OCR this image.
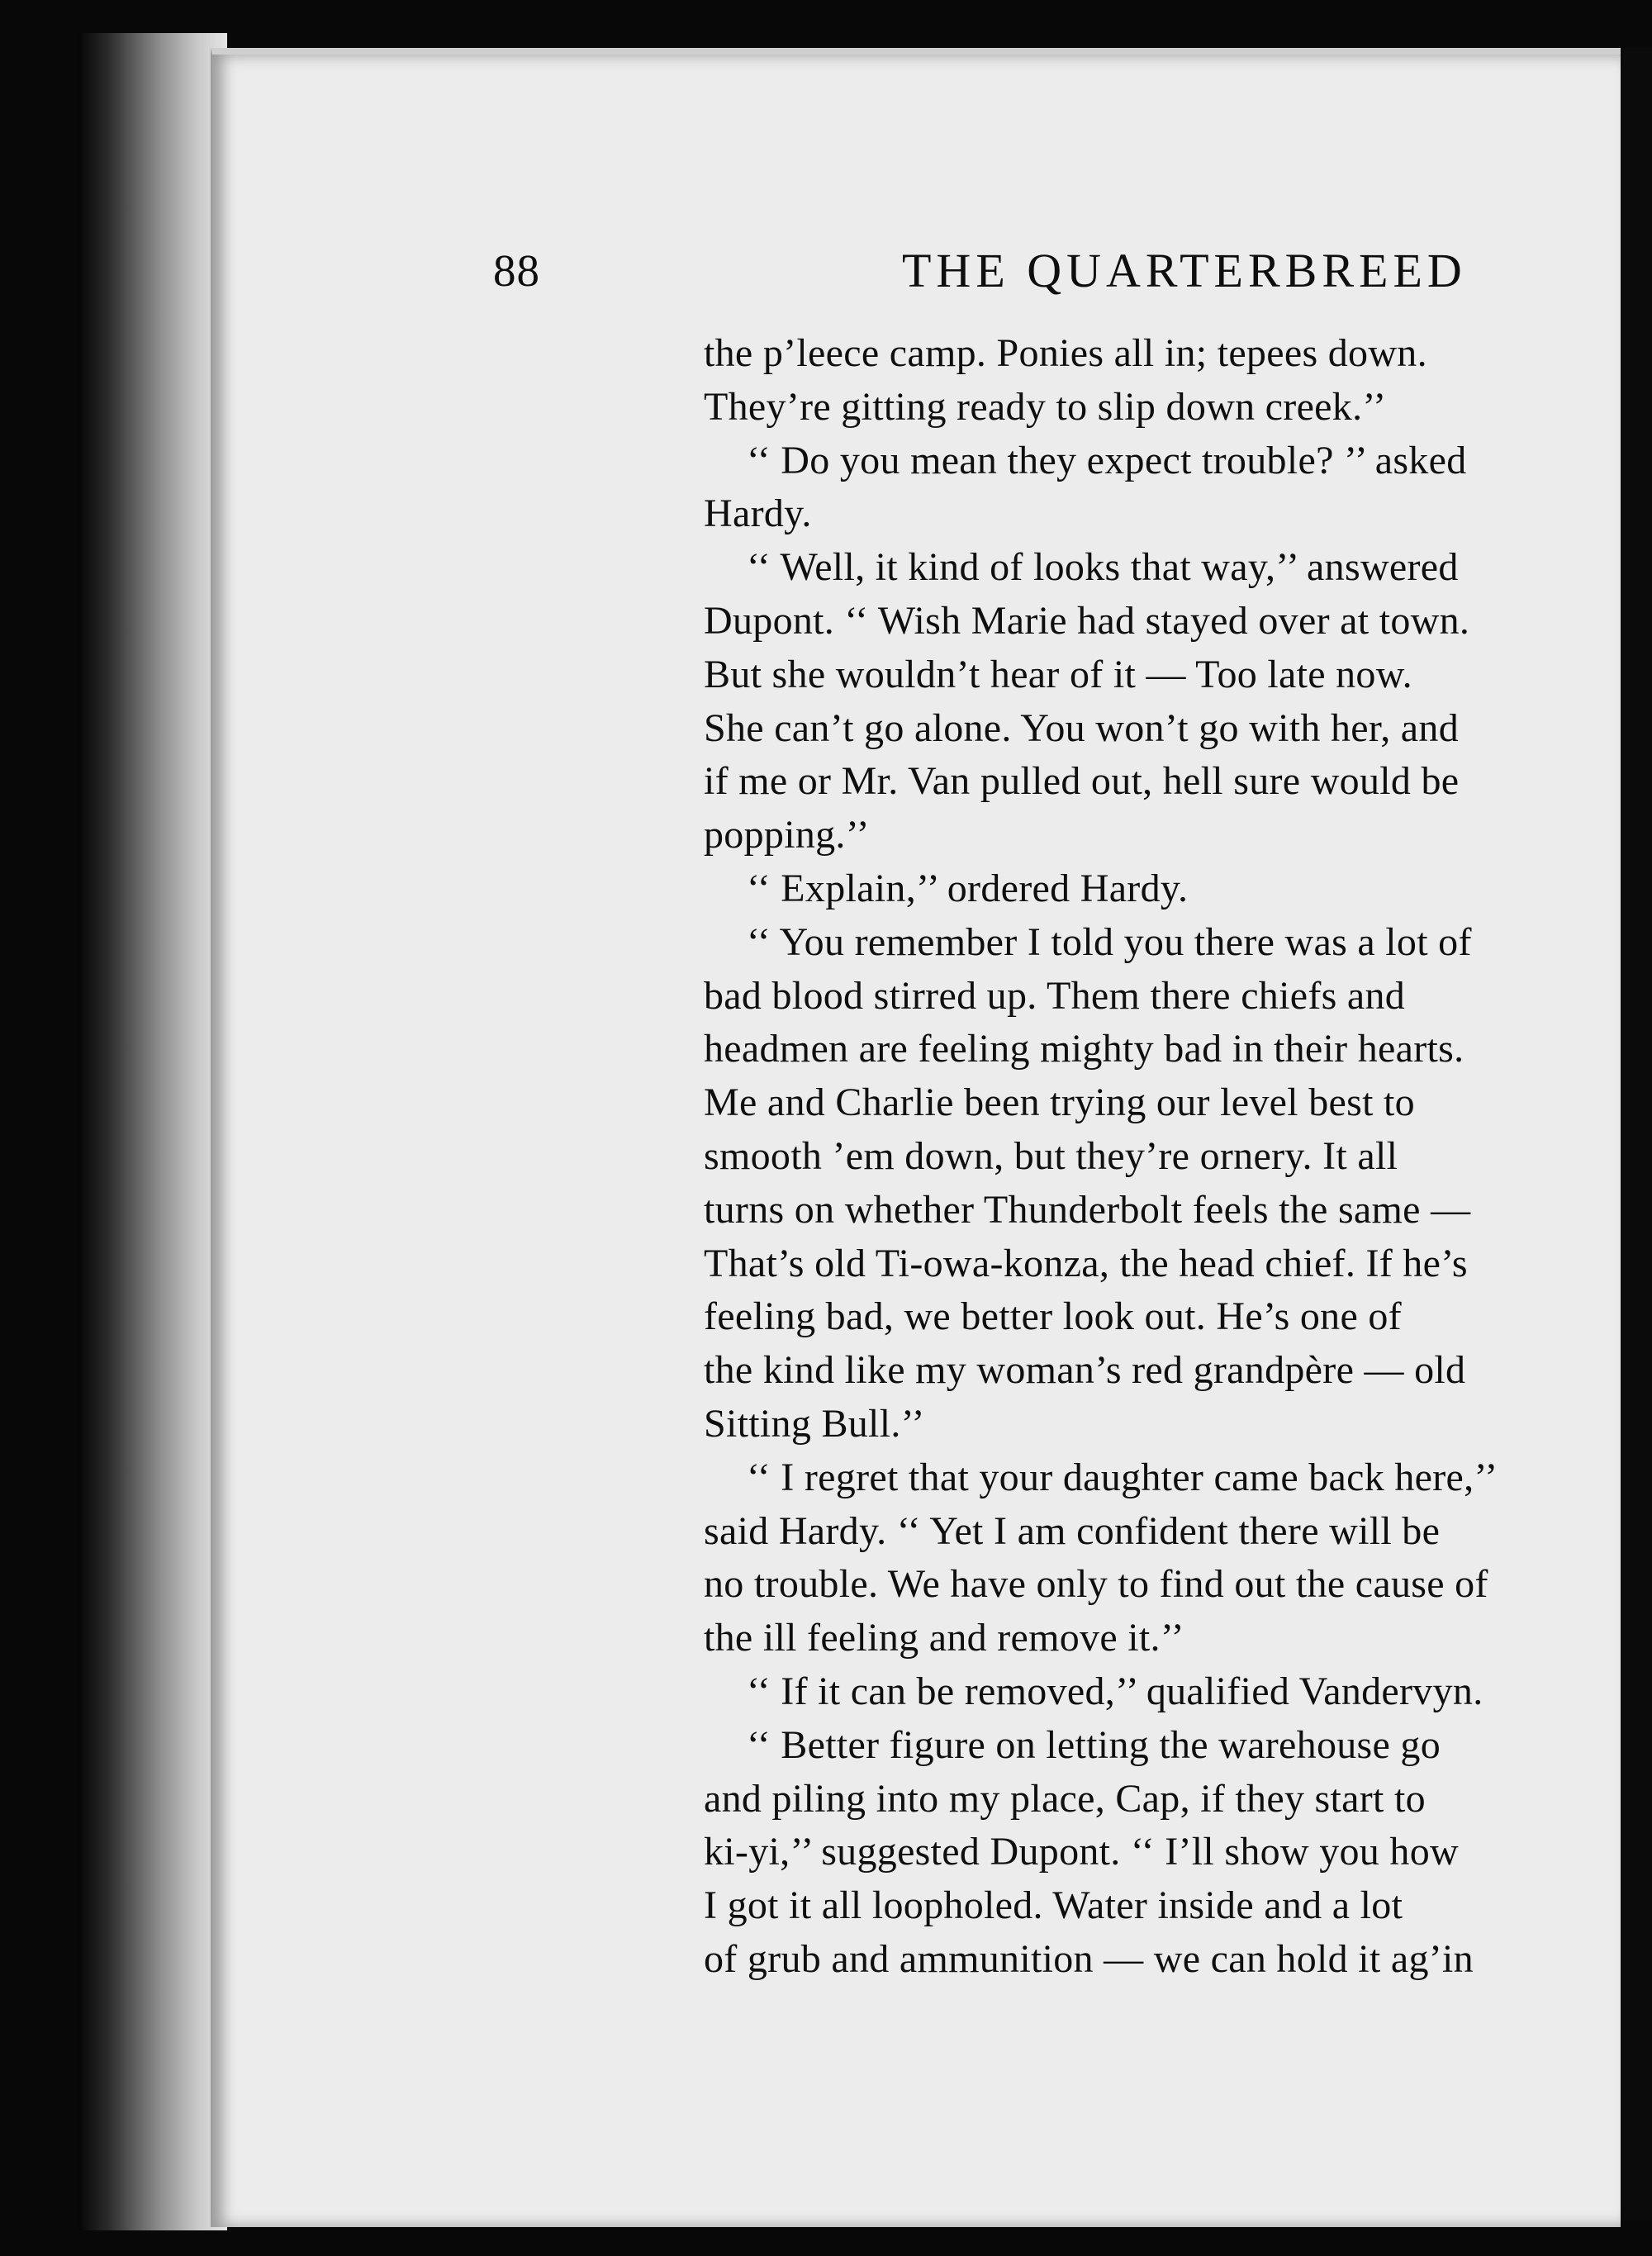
88	THE QUARTERBREED
the p’leece camp. Ponies all in; tepees down.
They’re gitting ready to slip down creek.’’
‘‘ Do you mean they expect trouble? ’’ asked
Hardy.
‘‘ Well, it kind of looks that way,’’ answered
Dupont. ‘‘ Wish Marie had stayed over at town.
But she wouldn’t hear of it — Too late now.
She can’t go alone. You won’t go with her, and
if me or Mr. Van pulled out, hell sure would be
popping.’’
‘‘ Explain,’’ ordered Hardy.
‘‘ You remember I told you there was a lot of
bad blood stirred up. Them there chiefs and
headmen are feeling mighty bad in their hearts.
Me and Charlie been trying our level best to
smooth ’em down, but they’re ornery. It all
turns on whether Thunderbolt feels the same —
That’s old Ti-owa-konza, the head chief. If he’s
feeling bad, we better look out. He’s one of
the kind like my woman’s red grandpère — old
Sitting Bull.’’
‘‘ I regret that your daughter came back here,’’
said Hardy. ‘‘ Yet I am confident there will be
no trouble. We have only to find out the cause of
the ill feeling and remove it.’’
‘‘ If it can be removed,’’ qualified Vandervyn.
‘‘ Better figure on letting the warehouse go
and piling into my place, Cap, if they start to
ki-yi,’’ suggested Dupont. ‘‘ I’ll show you how
I got it all loopholed. Water inside and a lot
of grub and ammunition — we can hold it ag’in
